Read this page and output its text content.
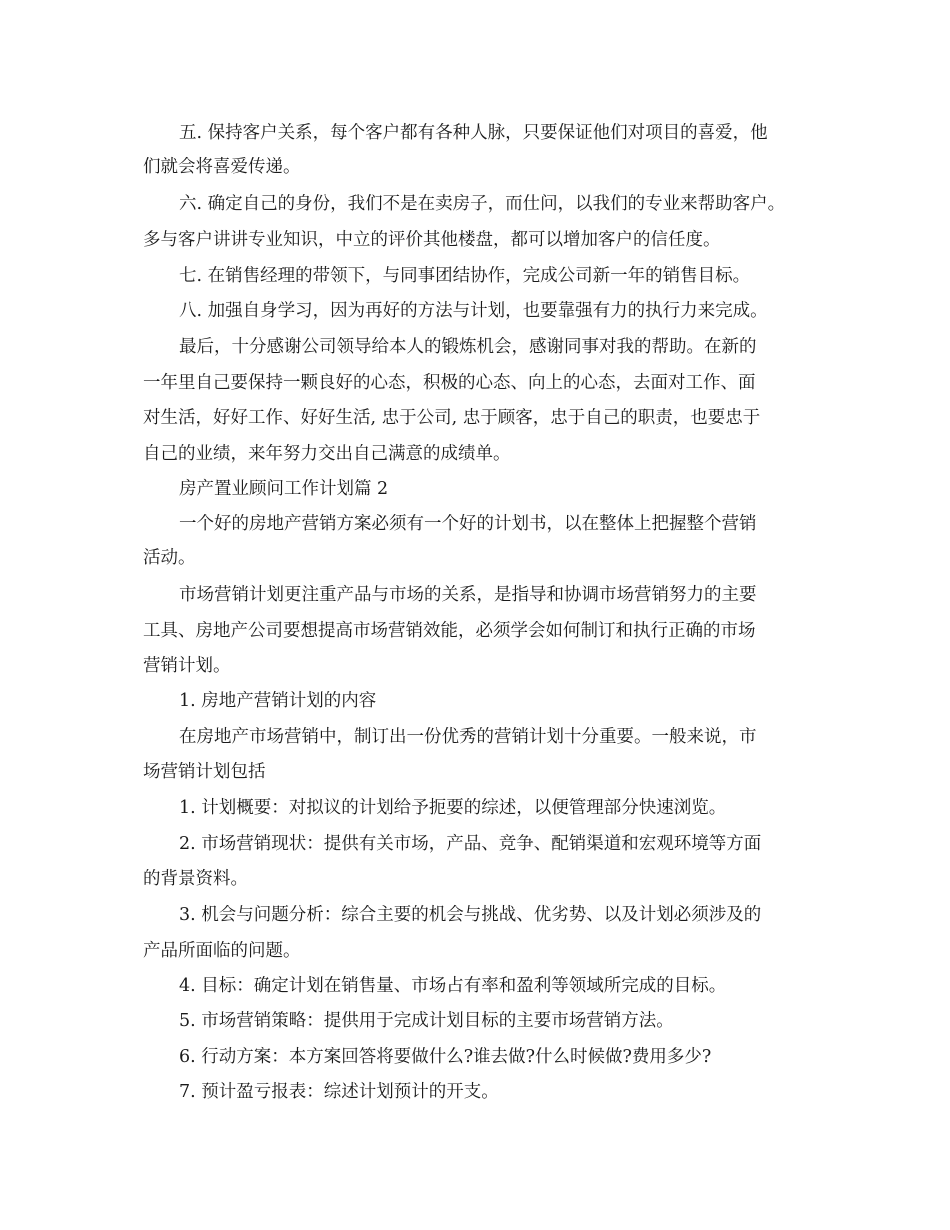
五. 保持客户关系，每个客户都有各种人脉，只要保证他们对项目的喜爱，他
们就会将喜爱传递。
六. 确定自己的身份，我们不是在卖房子，而仕问，以我们的专业来帮助客户。
多与客户讲讲专业知识，中立的评价其他楼盘，都可以增加客户的信任度。
七. 在销售经理的带领下，与同事团结协作，完成公司新一年的销售目标。
八. 加强自身学习，因为再好的方法与计划，也要靠强有力的执行力来完成。
最后，十分感谢公司领导给本人的锻炼机会，感谢同事对我的帮助。在新的
一年里自己要保持一颗良好的心态，积极的心态、向上的心态，去面对工作、面
对生活，好好工作、好好生活, 忠于公司, 忠于顾客，忠于自己的职责，也要忠于
自己的业绩，来年努力交出自己满意的成绩单。
房产置业顾问工作计划篇 2
一个好的房地产营销方案必须有一个好的计划书，以在整体上把握整个营销
活动。
市场营销计划更注重产品与市场的关系，是指导和协调市场营销努力的主要
工具、房地产公司要想提高市场营销效能，必须学会如何制订和执行正确的市场
营销计划。
1. 房地产营销计划的内容
在房地产市场营销中，制订出一份优秀的营销计划十分重要。一般来说，市
场营销计划包括
1. 计划概要：对拟议的计划给予扼要的综述，以便管理部分快速浏览。
2. 市场营销现状：提供有关市场，产品、竞争、配销渠道和宏观环境等方面
的背景资料。
3. 机会与问题分析：综合主要的机会与挑战、优劣势、以及计划必须涉及的
产品所面临的问题。
4. 目标：确定计划在销售量、市场占有率和盈利等领域所完成的目标。
5. 市场营销策略：提供用于完成计划目标的主要市场营销方法。
6. 行动方案：本方案回答将要做什么?谁去做?什么时候做?费用多少?
7. 预计盈亏报表：综述计划预计的开支。
